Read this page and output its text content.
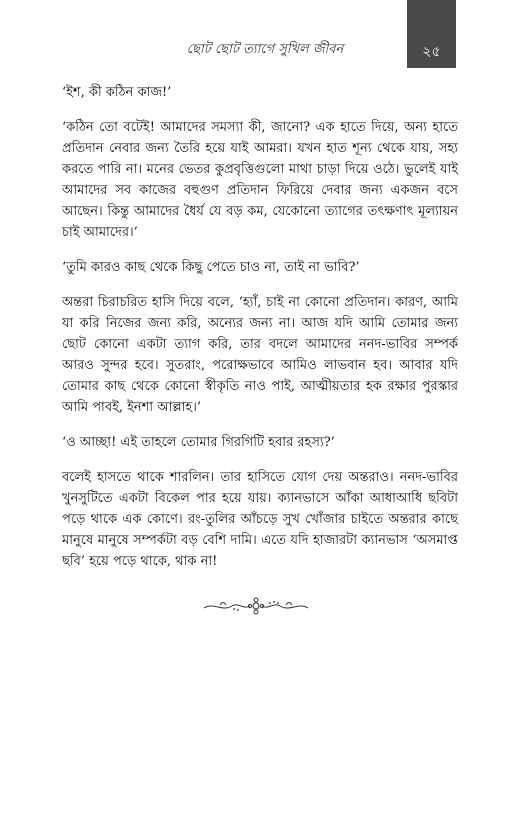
ছোট ছোট ত্যাগে সুখিল জীবন	২৫

‘ইশ, কী কঠিন কাজ!’

‘কঠিন তো বটেই! আমাদের সমস্যা কী, জানো? এক হাতে দিয়ে, অন্য হাতে প্রতিদান নেবার জন্য তৈরি হয়ে যাই আমরা। যখন হাত শূন্য থেকে যায়, সহ্য করতে পারি না। মনের ভেতর কুপ্রবৃত্তিগুলো মাথা চাড়া দিয়ে ওঠে। ভুলেই যাই আমাদের সব কাজের বহুগুণ প্রতিদান ফিরিয়ে দেবার জন্য একজন বসে আছেন। কিন্তু আমাদের ধৈর্য যে বড় কম, যেকোনো ত্যাগের তৎক্ষণাৎ মূল্যায়ন চাই আমাদের।’

‘তুমি কারও কাছ থেকে কিছু পেতে চাও না, তাই না ভাবি?’

অন্তরা চিরাচরিত হাসি দিয়ে বলে, ‘হ্যাঁ, চাই না কোনো প্রতিদান। কারণ, আমি যা করি নিজের জন্য করি, অন্যের জন্য না। আজ যদি আমি তোমার জন্য ছোট কোনো একটা ত্যাগ করি, তার বদলে আমাদের ননদ-ভাবির সম্পর্ক আরও সুন্দর হবে। সুতরাং, পরোক্ষভাবে আমিও লাভবান হব। আবার যদি তোমার কাছ থেকে কোনো স্বীকৃতি নাও পাই, আত্মীয়তার হক রক্ষার পুরস্কার আমি পাবই, ইনশা আল্লাহ।’

‘ও আচ্ছা! এই তাহলে তোমার গিরগিটি হবার রহস্য?’

বলেই হাসতে থাকে শারলিন। তার হাসিতে যোগ দেয় অন্তরাও। ননদ-ভাবির খুনসুটিতে একটা বিকেল পার হয়ে যায়। ক্যানভাসে আঁকা আধাআধি ছবিটা পড়ে থাকে এক কোণে। রং-তুলির আঁচড়ে সুখ খোঁজার চাইতে অন্তরার কাছে মানুষে মানুষে সম্পর্কটা বড় বেশি দামি। এতে যদি হাজারটা ক্যানভাস ‘অসমাপ্ত ছবি’ হয়ে পড়ে থাকে, থাক না!
